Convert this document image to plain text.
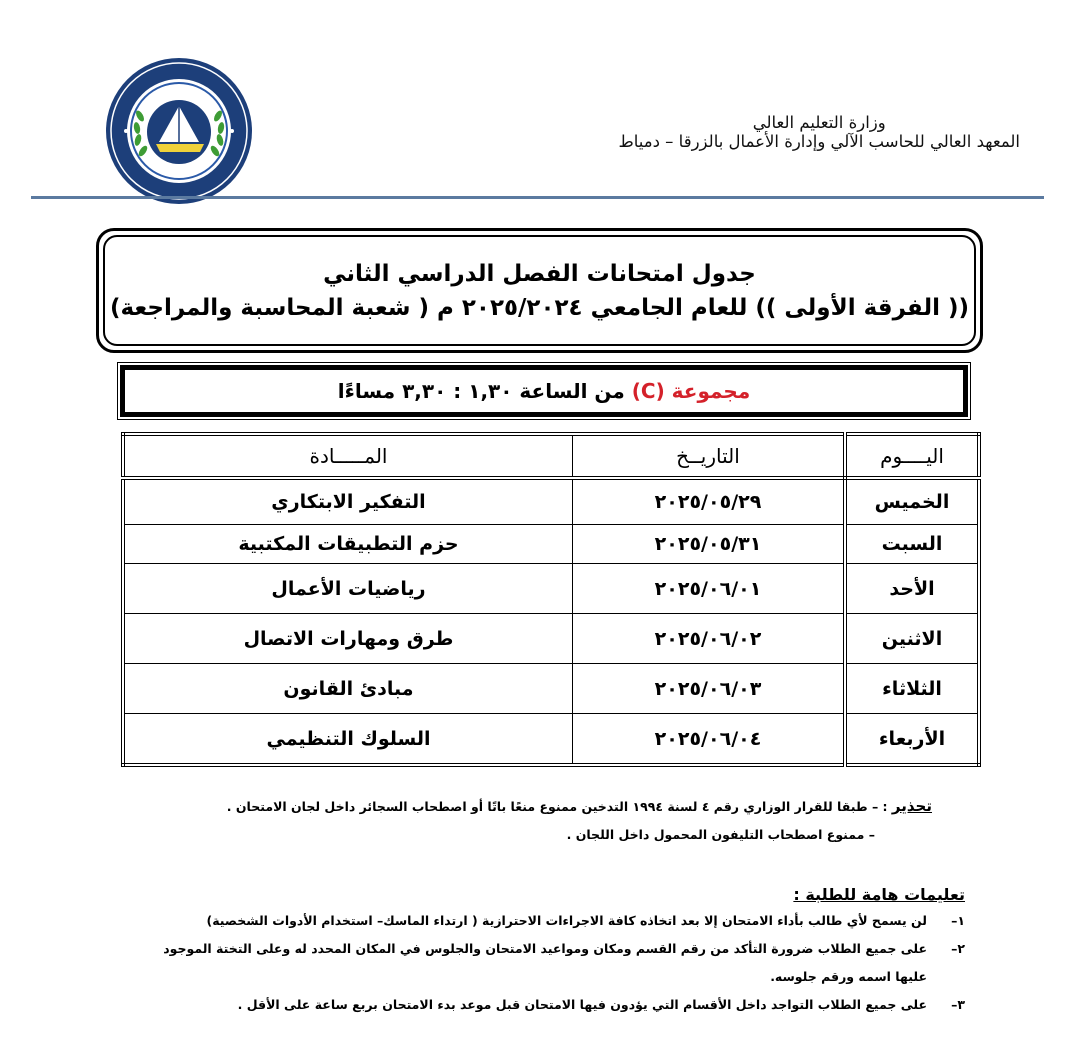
وزارة التعليم العالي
المعهد العالي للحاسب الآلي وإدارة الأعمال بالزرقا – دمياط
جدول امتحانات الفصل الدراسي الثاني
(( الفرقة الأولى )) للعام الجامعي ٢٠٢٥/٢٠٢٤ م ( شعبة المحاسبة والمراجعة)
مجموعة (C) من الساعة ١,٣٠ : ٣,٣٠ مساءًا
اليــــوم	التاريــخ	المـــــادة
الخميس	٢٠٢٥/٠٥/٢٩	التفكير الابتكاري
السبت	٢٠٢٥/٠٥/٣١	حزم التطبيقات المكتبية
الأحد	٢٠٢٥/٠٦/٠١	رياضيات الأعمال
الاثنين	٢٠٢٥/٠٦/٠٢	طرق ومهارات الاتصال
الثلاثاء	٢٠٢٥/٠٦/٠٣	مبادئ القانون
الأربعاء	٢٠٢٥/٠٦/٠٤	السلوك التنظيمي
تحذير : – طبقا للقرار الوزاري رقم ٤ لسنة ١٩٩٤ التدخين ممنوع منعًا باتًا أو اصطحاب السجائر داخل لجان الامتحان .
– ممنوع اصطحاب التليفون المحمول داخل اللجان .
تعليمات هامة للطلبة :
١–لن يسمح لأي طالب بأداء الامتحان إلا بعد اتخاذه كافة الاجراءات الاحترازية ( ارتداء الماسك– استخدام الأدوات الشخصية)
٢–على جميع الطلاب ضرورة التأكد من رقم القسم ومكان ومواعيد الامتحان والجلوس في المكان المحدد له وعلى التختة الموجود
عليها اسمه ورقم جلوسه.
٣–على جميع الطلاب التواجد داخل الأقسام التي يؤدون فيها الامتحان قبل موعد بدء الامتحان بربع ساعة على الأقل .
